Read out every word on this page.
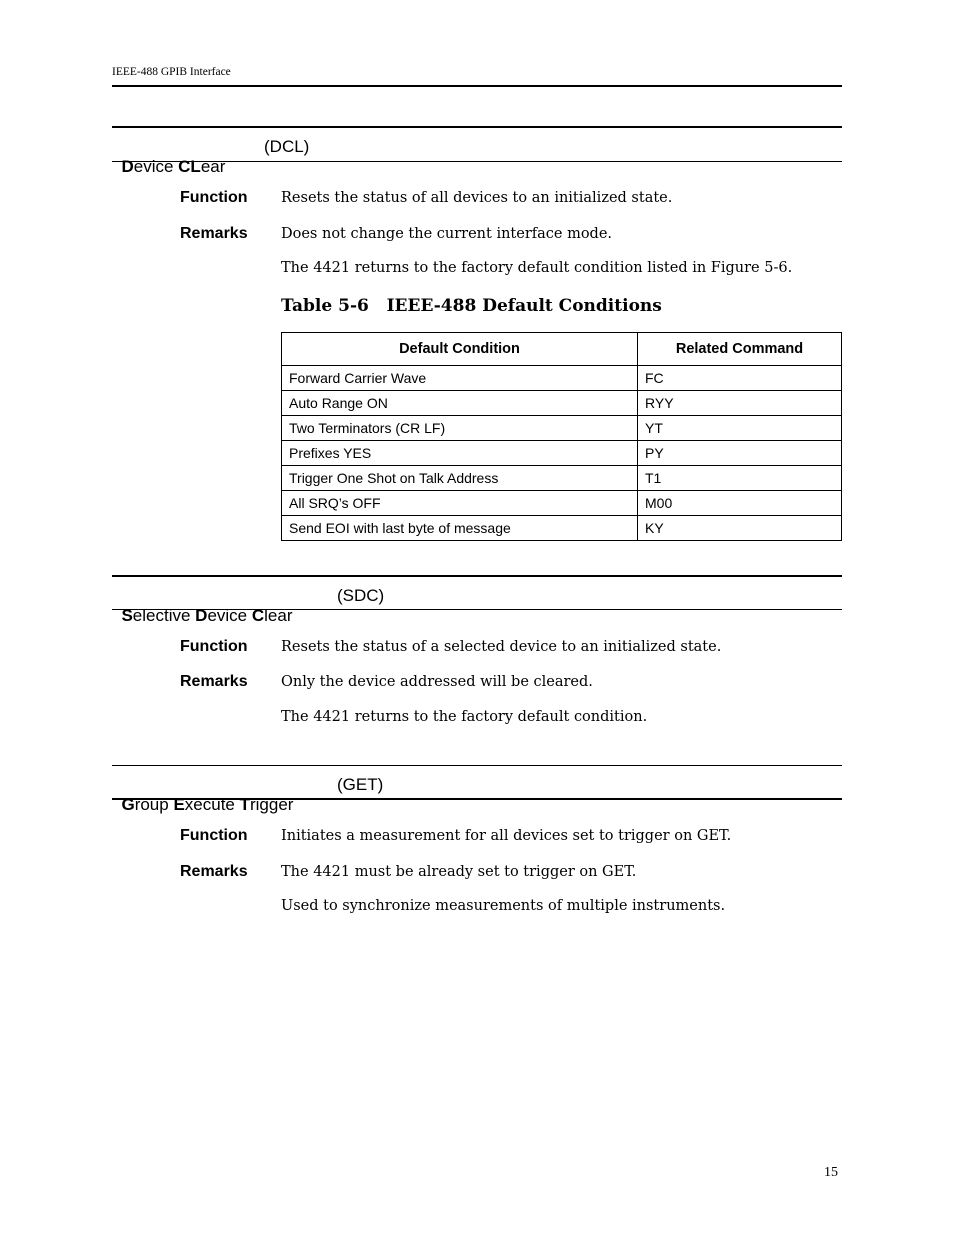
IEEE-488 GPIB Interface

Device CLear

(DCL)
Function Resets the status of all devices to an initialized state.
Remarks Does not change the current interface mode.
The 4421 returns to the factory default condition listed in Figure 5-6.
Table 5-6 IEEE-488 Default Conditions
Default Condition	Related Command
Forward Carrier Wave	FC
Auto Range ON	RYY
Two Terminators (CR LF)	YT
Prefixes YES	PY
Trigger One Shot on Talk Address	T1
All SRQ’s OFF	M00
Send EOI with last byte of message	KY

Selective Device Clear

(SDC)
Function Resets the status of a selected device to an initialized state.
Remarks Only the device addressed will be cleared.
The 4421 returns to the factory default condition.

Group Execute Trigger

(GET)
Function Initiates a measurement for all devices set to trigger on GET.
Remarks The 4421 must be already set to trigger on GET.
Used to synchronize measurements of multiple instruments.
15
